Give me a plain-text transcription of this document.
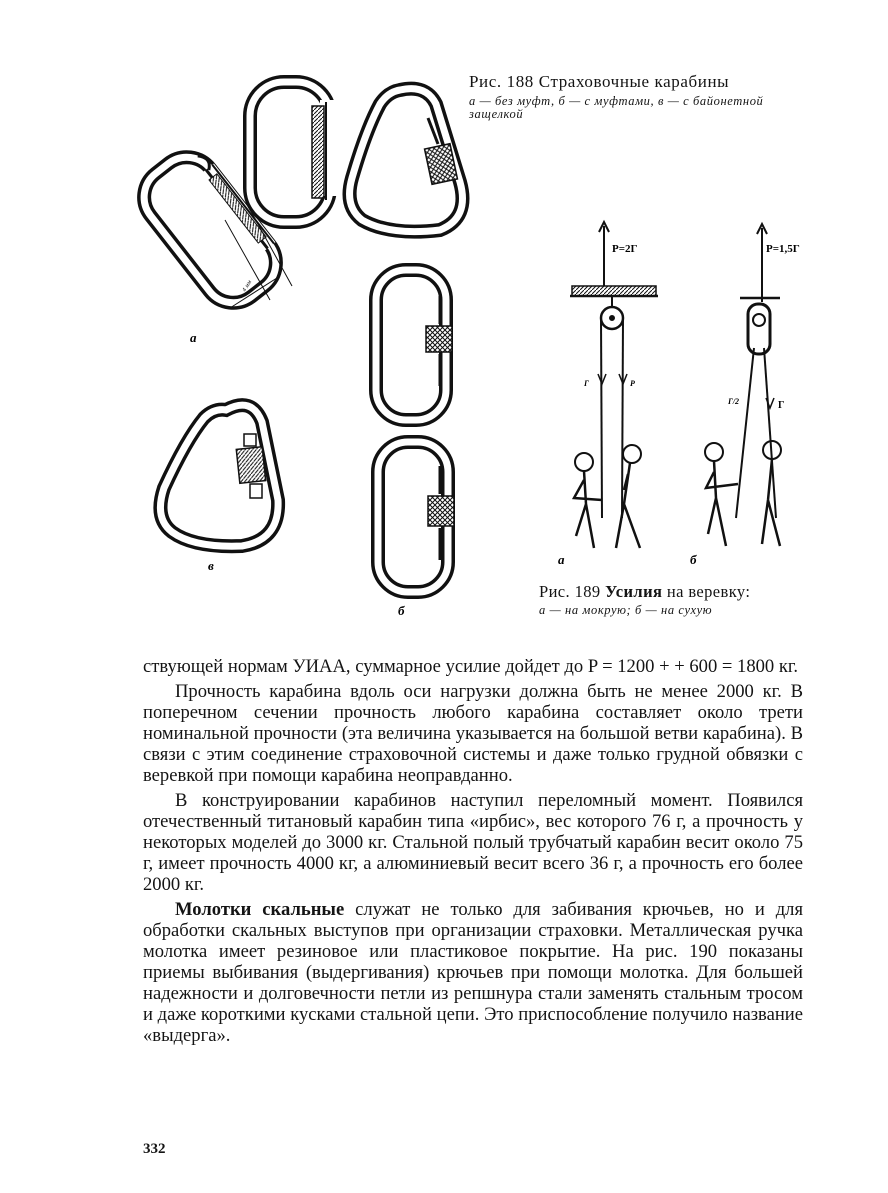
4 мм
а
в
б
Рис. 188 Страховочные карабины
а — без муфт, б — с муфтами, в — с байонетной защелкой
P=2Г
Г	Р
а
P=1,5Г
Г/2	Г
б
Рис. 189 Усилия на веревку:
а — на мокрую; б — на сухую

ствующей нормам УИАА, суммарное усилие дойдет до P = 1200 + + 600 = 1800 кг.

Прочность карабина вдоль оси нагрузки должна быть не менее 2000 кг. В поперечном сечении прочность любого карабина составляет около трети номинальной прочности (эта величина указывается на большой ветви карабина). В связи с этим соединение страховочной системы и даже только грудной обвязки с веревкой при помощи карабина неоправданно.

В конструировании карабинов наступил переломный момент. Появился отечественный титановый карабин типа «ирбис», вес которого 76 г, а прочность у некоторых моделей до 3000 кг. Стальной полый трубчатый карабин весит около 75 г, имеет прочность 4000 кг, а алюминиевый весит всего 36 г, а прочность его более 2000 кг.

Молотки скальные служат не только для забивания крючьев, но и для обработки скальных выступов при организации страховки. Металлическая ручка молотка имеет резиновое или пластиковое покрытие. На рис. 190 показаны приемы выбивания (выдергивания) крючьев при помощи молотка. Для большей надежности и долговечности петли из репшнура стали заменять стальным тросом и даже короткими кусками стальной цепи. Это приспособление получило название «выдерга».

332
